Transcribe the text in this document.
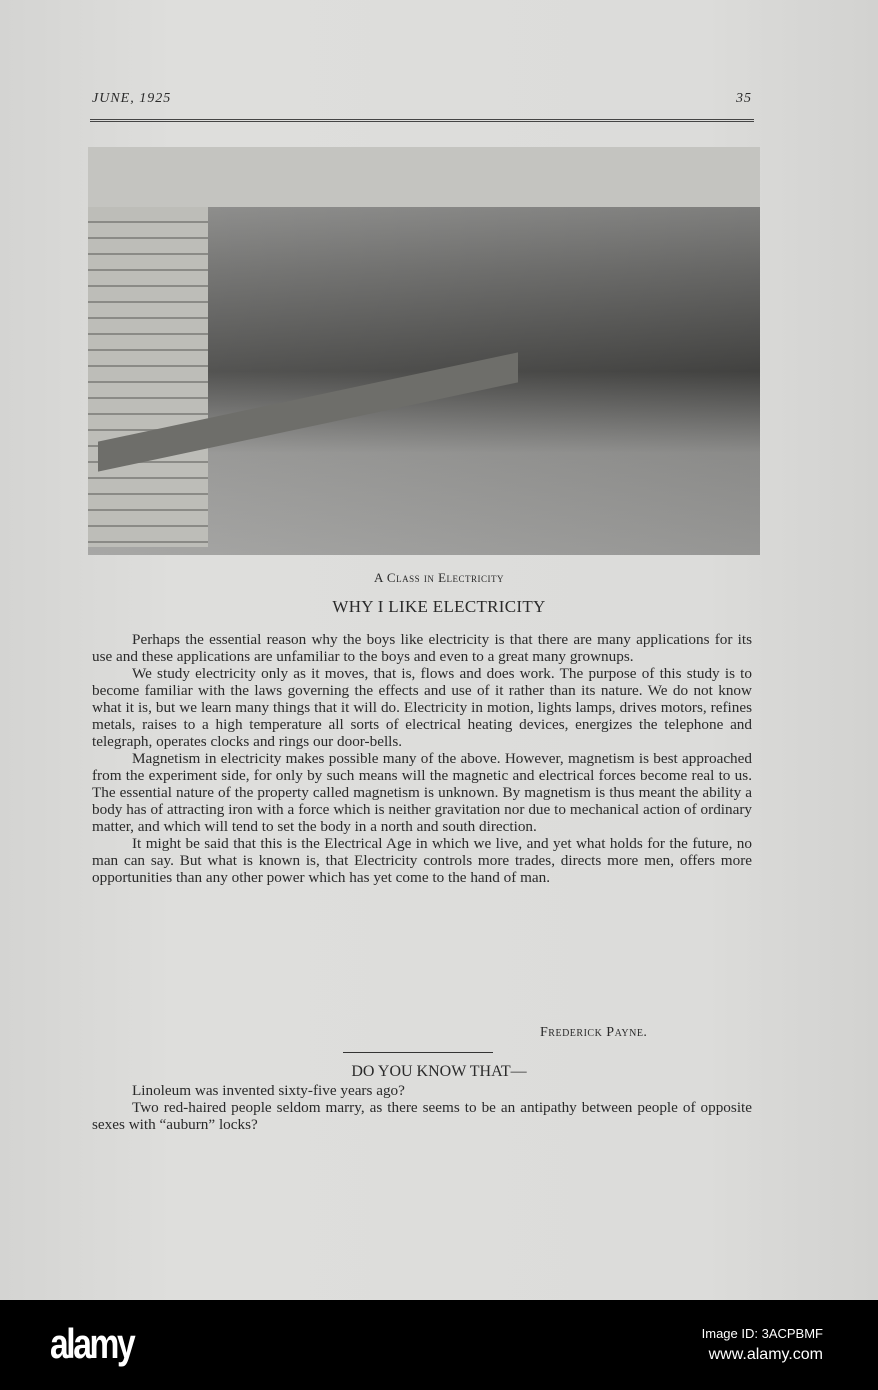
JUNE, 1925	35
A Class in Electricity
WHY I LIKE ELECTRICITY

Perhaps the essential reason why the boys like electricity is that there are many applications for its use and these applications are unfamiliar to the boys and even to a great many grownups.

We study electricity only as it moves, that is, flows and does work. The purpose of this study is to become familiar with the laws governing the effects and use of it rather than its nature. We do not know what it is, but we learn many things that it will do. Electricity in motion, lights lamps, drives motors, refines metals, raises to a high temperature all sorts of electrical heating devices, energizes the telephone and telegraph, operates clocks and rings our door-bells.

Magnetism in electricity makes possible many of the above. However, magnetism is best approached from the experiment side, for only by such means will the magnetic and electrical forces become real to us. The essential nature of the property called magnetism is unknown. By magnetism is thus meant the ability a body has of attracting iron with a force which is neither gravitation nor due to mechanical action of ordinary matter, and which will tend to set the body in a north and south direction.

It might be said that this is the Electrical Age in which we live, and yet what holds for the future, no man can say. But what is known is, that Electricity controls more trades, directs more men, offers more opportunities than any other power which has yet come to the hand of man.

Frederick Payne.
DO YOU KNOW THAT—

Linoleum was invented sixty-five years ago?

Two red-haired people seldom marry, as there seems to be an antipathy between people of opposite sexes with “auburn” locks?

alamy	Image ID: 3ACPBMF
www.alamy.com
